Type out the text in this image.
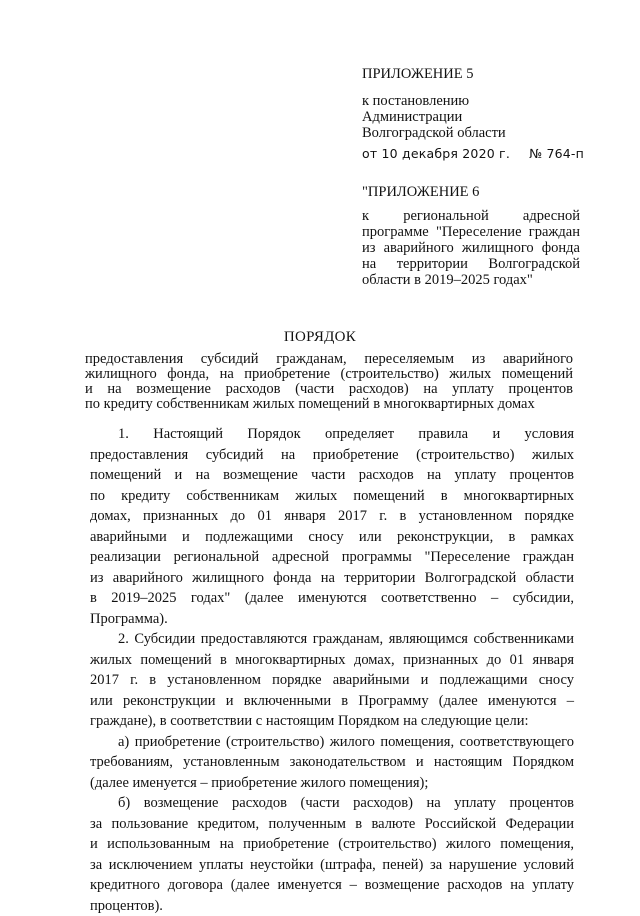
ПРИЛОЖЕНИЕ 5
к постановлению
Администрации
Волгоградской области
от 10 декабря 2020 г. № 764-п
"ПРИЛОЖЕНИЕ 6
к региональной адресной
программе "Переселение граждан
из аварийного жилищного фонда
на территории Волгоградской
области в 2019–2025 годах"
ПОРЯДОК
предоставления субсидий гражданам, переселяемым из аварийного
жилищного фонда, на приобретение (строительство) жилых помещений
и на возмещение расходов (части расходов) на уплату процентов
по кредиту собственникам жилых помещений в многоквартирных домах
1. Настоящий Порядок определяет правила и условия
предоставления субсидий на приобретение (строительство) жилых
помещений и на возмещение части расходов на уплату процентов
по кредиту собственникам жилых помещений в многоквартирных
домах, признанных до 01 января 2017 г. в установленном порядке
аварийными и подлежащими сносу или реконструкции, в рамках
реализации региональной адресной программы "Переселение граждан
из аварийного жилищного фонда на территории Волгоградской области
в 2019–2025 годах" (далее именуются соответственно – субсидии,
Программа).
2. Субсидии предоставляются гражданам, являющимся собственниками
жилых помещений в многоквартирных домах, признанных до 01 января
2017 г. в установленном порядке аварийными и подлежащими сносу
или реконструкции и включенными в Программу (далее именуются –
граждане), в соответствии с настоящим Порядком на следующие цели:
а) приобретение (строительство) жилого помещения, соответствующего
требованиям, установленным законодательством и настоящим Порядком
(далее именуется – приобретение жилого помещения);
б) возмещение расходов (части расходов) на уплату процентов
за пользование кредитом, полученным в валюте Российской Федерации
и использованным на приобретение (строительство) жилого помещения,
за исключением уплаты неустойки (штрафа, пеней) за нарушение условий
кредитного договора (далее именуется – возмещение расходов на уплату
процентов).
